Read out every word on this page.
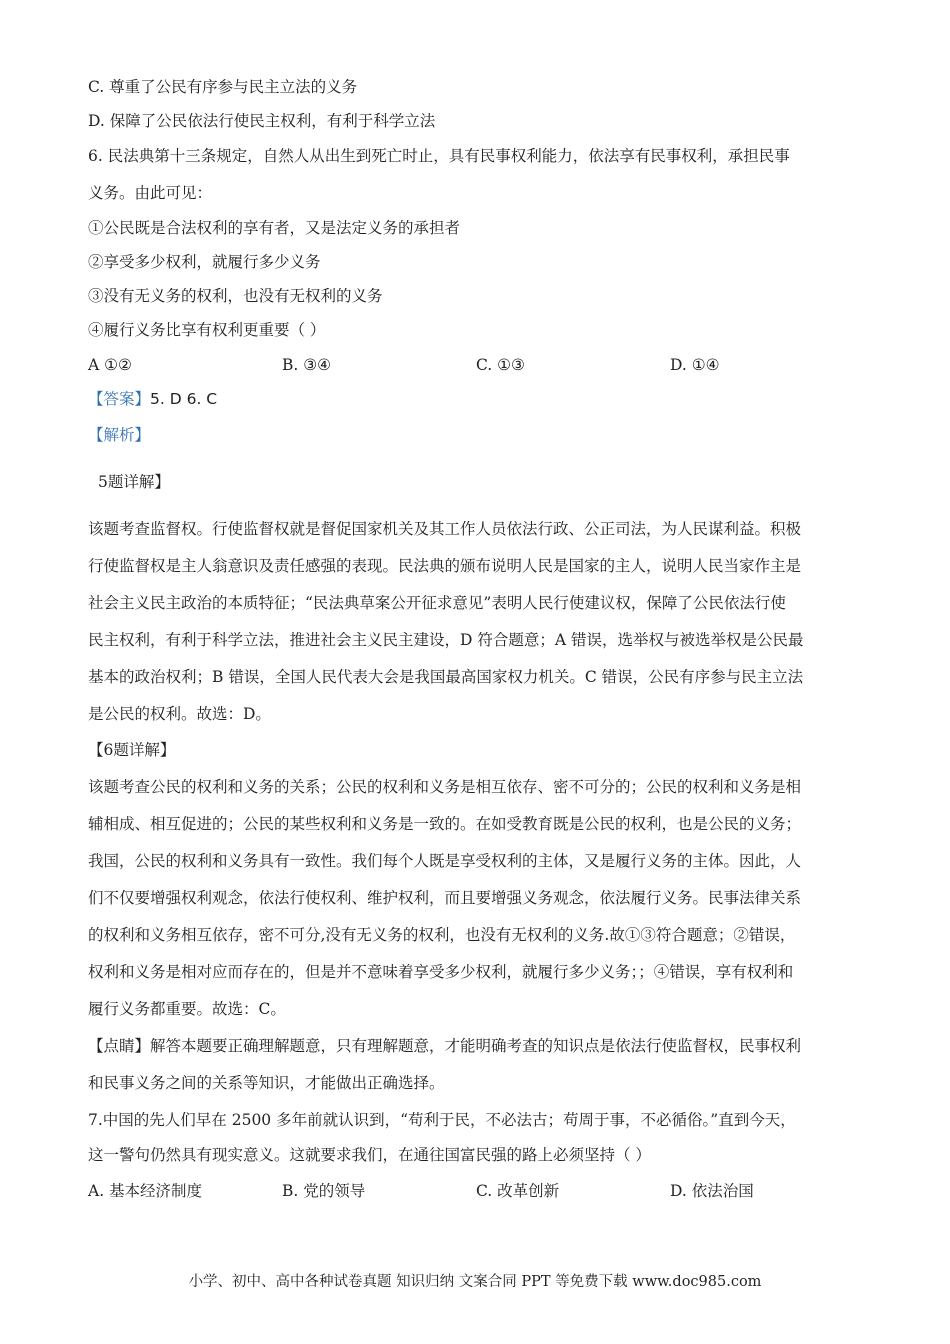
C. 尊重了公民有序参与民主立法的义务
D. 保障了公民依法行使民主权利，有利于科学立法
6. 民法典第十三条规定，自然人从出生到死亡时止，具有民事权利能力，依法享有民事权利，承担民事
义务。由此可见：
①公民既是合法权利的享有者，又是法定义务的承担者
②享受多少权利，就履行多少义务
③没有无义务的权利，也没有无权利的义务
④履行义务比享有权利更重要（ ）
A ①②	B. ③④	C. ①③	D. ①④
【答案】5. D 6. C
【解析】
5题详解】
该题考查监督权。行使监督权就是督促国家机关及其工作人员依法行政、公正司法，为人民谋利益。积极
行使监督权是主人翁意识及责任感强的表现。民法典的颁布说明人民是国家的主人，说明人民当家作主是
社会主义民主政治的本质特征；“民法典草案公开征求意见”表明人民行使建议权，保障了公民依法行使
民主权利，有利于科学立法，推进社会主义民主建设，D 符合题意；A 错误，选举权与被选举权是公民最
基本的政治权利；B 错误，全国人民代表大会是我国最高国家权力机关。C 错误，公民有序参与民主立法
是公民的权利。故选：D。
【6题详解】
该题考查公民的权利和义务的关系；公民的权利和义务是相互依存、密不可分的；公民的权利和义务是相
辅相成、相互促进的；公民的某些权利和义务是一致的。在如受教育既是公民的权利，也是公民的义务；
我国，公民的权利和义务具有一致性。我们每个人既是享受权利的主体，又是履行义务的主体。因此，人
们不仅要增强权利观念，依法行使权利、维护权利，而且要增强义务观念，依法履行义务。民事法律关系
的权利和义务相互依存，密不可分,没有无义务的权利，也没有无权利的义务.故①③符合题意；②错误，
权利和义务是相对应而存在的，但是并不意味着享受多少权利，就履行多少义务；；④错误，享有权利和
履行义务都重要。故选：C。
【点睛】解答本题要正确理解题意，只有理解题意，才能明确考查的知识点是依法行使监督权，民事权利
和民事义务之间的关系等知识，才能做出正确选择。
7.中国的先人们早在 2500 多年前就认识到，“苟利于民，不必法古；苟周于事，不必循俗。”直到今天，
这一警句仍然具有现实意义。这就要求我们，在通往国富民强的路上必须坚持（ ）
A. 基本经济制度	B. 党的领导	C. 改革创新	D. 依法治国
小学、初中、高中各种试卷真题 知识归纳 文案合同 PPT 等免费下载 www.doc985.com
